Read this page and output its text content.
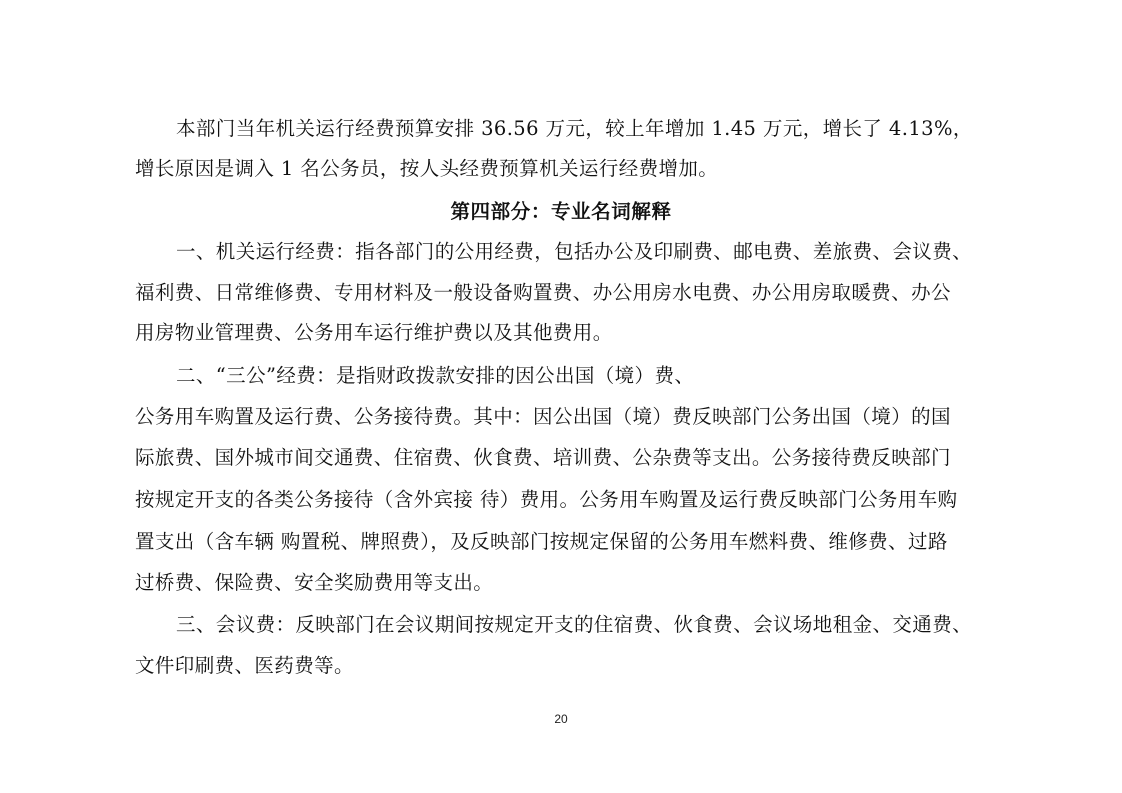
本部门当年机关运行经费预算安排 36.56 万元，较上年增加 1.45 万元，增长了 4.13%，
增长原因是调入 1 名公务员，按人头经费预算机关运行经费增加。
第四部分：专业名词解释
一、机关运行经费：指各部门的公用经费，包括办公及印刷费、邮电费、差旅费、会议费、
福利费、日常维修费、专用材料及一般设备购置费、办公用房水电费、办公用房取暖费、办公
用房物业管理费、公务用车运行维护费以及其他费用。
二、“三公”经费：是指财政拨款安排的因公出国（境）费、
公务用车购置及运行费、公务接待费。其中：因公出国（境）费反映部门公务出国（境）的国
际旅费、国外城市间交通费、住宿费、伙食费、培训费、公杂费等支出。公务接待费反映部门
按规定开支的各类公务接待（含外宾接 待）费用。公务用车购置及运行费反映部门公务用车购
置支出（含车辆 购置税、牌照费），及反映部门按规定保留的公务用车燃料费、维修费、过路
过桥费、保险费、安全奖励费用等支出。
三、会议费：反映部门在会议期间按规定开支的住宿费、伙食费、会议场地租金、交通费、
文件印刷费、医药费等。
20
